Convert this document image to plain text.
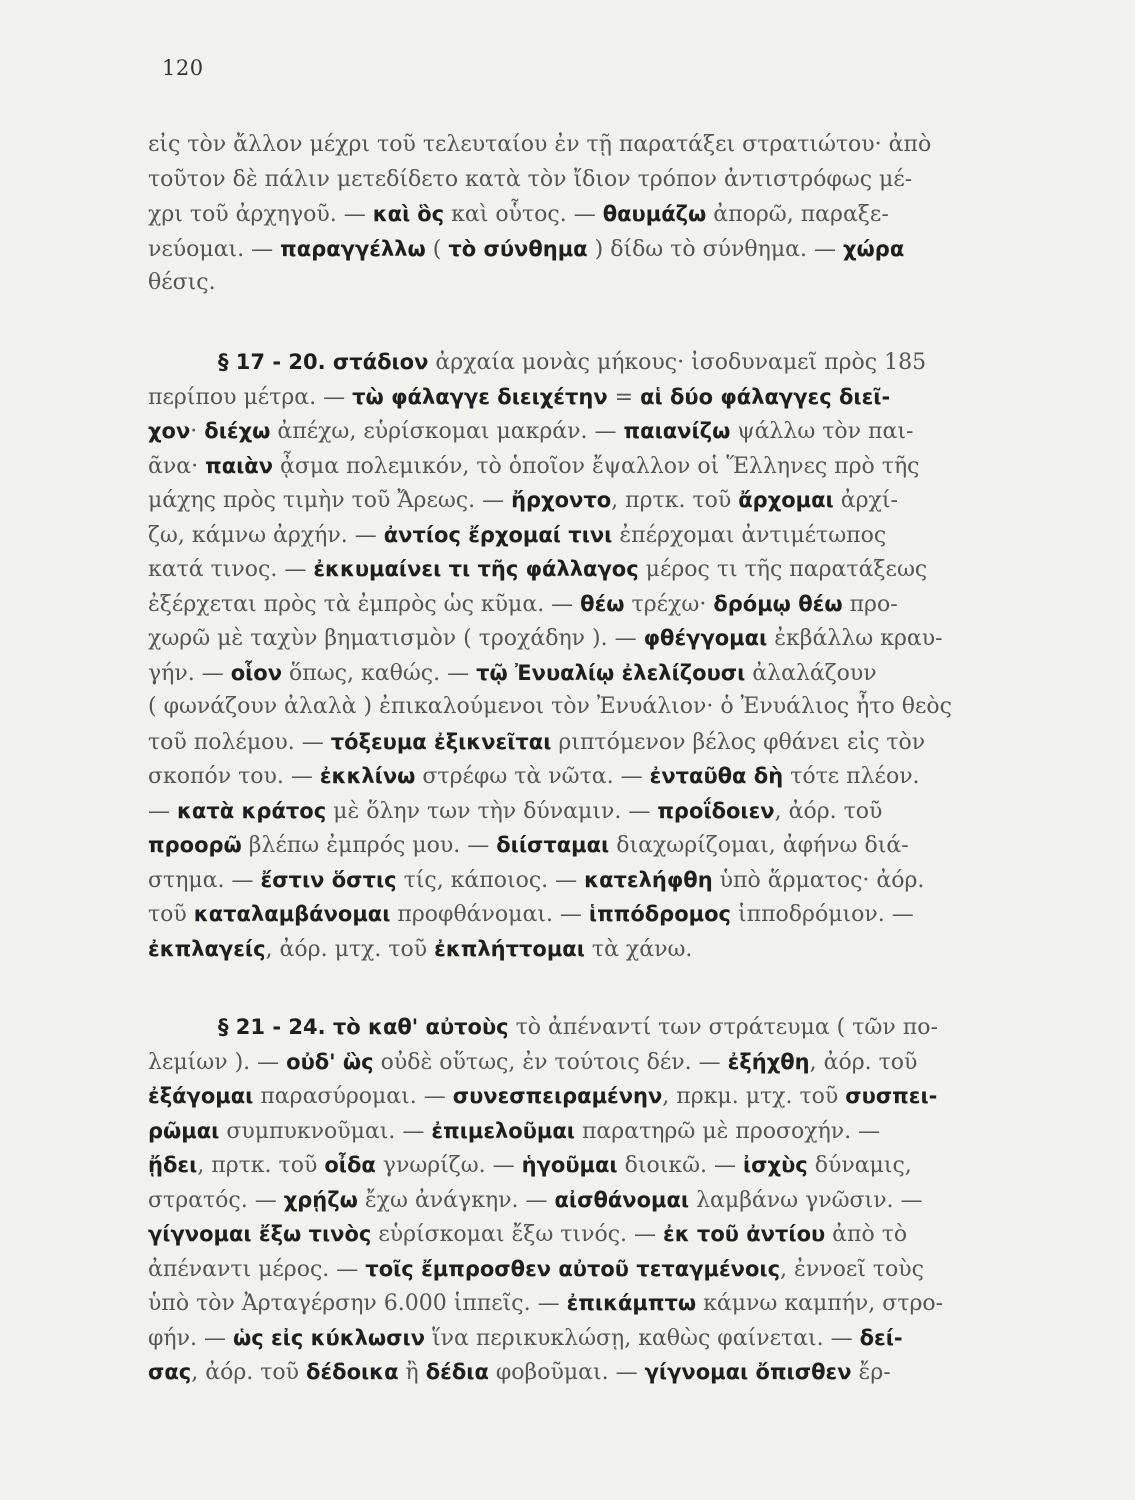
120
εἰς τὸν ἄλλον μέχρι τοῦ τελευταίου ἐν τῇ παρατάξει στρατιώτου· ἀπὸ
τοῦτον δὲ πάλιν μετεδίδετο κατὰ τὸν ἴδιον τρόπον ἀντιστρόφως μέ-
χρι τοῦ ἀρχηγοῦ. — καὶ ὃς καὶ οὗτος. — θαυμάζω ἀπορῶ, παραξε-
νεύομαι. — παραγγέλλω ( τὸ σύνθημα ) δίδω τὸ σύνθημα. — χώρα
θέσις.
§ 17 - 20. στάδιον ἀρχαία μονὰς μήκους· ἰσοδυναμεῖ πρὸς 185
περίπου μέτρα. — τὼ φάλαγγε διειχέτην = αἱ δύο φάλαγγες διεῖ-
χον· διέχω ἀπέχω, εὑρίσκομαι μακράν. — παιανίζω ψάλλω τὸν παι-
ᾶνα· παιὰν ᾆσμα πολεμικόν, τὸ ὁποῖον ἔψαλλον οἱ Ἕλληνες πρὸ τῆς
μάχης πρὸς τιμὴν τοῦ Ἄρεως. — ἤρχοντο, πρτκ. τοῦ ἄρχομαι ἀρχί-
ζω, κάμνω ἀρχήν. — ἀντίος ἔρχομαί τινι ἐπέρχομαι ἀντιμέτωπος
κατά τινος. — ἐκκυμαίνει τι τῆς φάλλαγος μέρος τι τῆς παρατάξεως
ἐξέρχεται πρὸς τὰ ἐμπρὸς ὡς κῦμα. — θέω τρέχω· δρόμῳ θέω προ-
χωρῶ μὲ ταχὺν βηματισμὸν ( τροχάδην ). — φθέγγομαι ἐκβάλλω κραυ-
γήν. — οἷον ὅπως, καθώς. — τῷ Ἐνυαλίῳ ἐλελίζουσι ἀλαλάζουν
( φωνάζουν ἀλαλὰ ) ἐπικαλούμενοι τὸν Ἐνυάλιον· ὁ Ἐνυάλιος ἦτο θεὸς
τοῦ πολέμου. — τόξευμα ἐξικνεῖται ριπτόμενον βέλος φθάνει εἰς τὸν
σκοπόν του. — ἐκκλίνω στρέφω τὰ νῶτα. — ἐνταῦθα δὴ τότε πλέον.
— κατὰ κράτος μὲ ὅλην των τὴν δύναμιν. — προΐδοιεν, ἀόρ. τοῦ
προορῶ βλέπω ἐμπρός μου. — διίσταμαι διαχωρίζομαι, ἀφήνω διά-
στημα. — ἔστιν ὅστις τίς, κάποιος. — κατελήφθη ὑπὸ ἅρματος· ἀόρ.
τοῦ καταλαμβάνομαι προφθάνομαι. — ἱππόδρομος ἱπποδρόμιον. —
ἐκπλαγείς, ἀόρ. μτχ. τοῦ ἐκπλήττομαι τὰ χάνω.
§ 21 - 24. τὸ καθ' αὐτοὺς τὸ ἀπέναντί των στράτευμα ( τῶν πο-
λεμίων ). — οὐδ' ὣς οὐδὲ οὕτως, ἐν τούτοις δέν. — ἐξήχθη, ἀόρ. τοῦ
ἐξάγομαι παρασύρομαι. — συνεσπειραμένην, πρκμ. μτχ. τοῦ συσπει-
ρῶμαι συμπυκνοῦμαι. — ἐπιμελοῦμαι παρατηρῶ μὲ προσοχήν. —
ᾔδει, πρτκ. τοῦ οἶδα γνωρίζω. — ἡγοῦμαι διοικῶ. — ἰσχὺς δύναμις,
στρατός. — χρῄζω ἔχω ἀνάγκην. — αἰσθάνομαι λαμβάνω γνῶσιν. —
γίγνομαι ἔξω τινὸς εὑρίσκομαι ἔξω τινός. — ἐκ τοῦ ἀντίου ἀπὸ τὸ
ἀπέναντι μέρος. — τοῖς ἔμπροσθεν αὐτοῦ τεταγμένοις, ἐννοεῖ τοὺς
ὑπὸ τὸν Ἀρταγέρσην 6.000 ἱππεῖς. — ἐπικάμπτω κάμνω καμπήν, στρο-
φήν. — ὡς εἰς κύκλωσιν ἵνα περικυκλώσῃ, καθὼς φαίνεται. — δεί-
σας, ἀόρ. τοῦ δέδοικα ἢ δέδια φοβοῦμαι. — γίγνομαι ὄπισθεν ἔρ-
